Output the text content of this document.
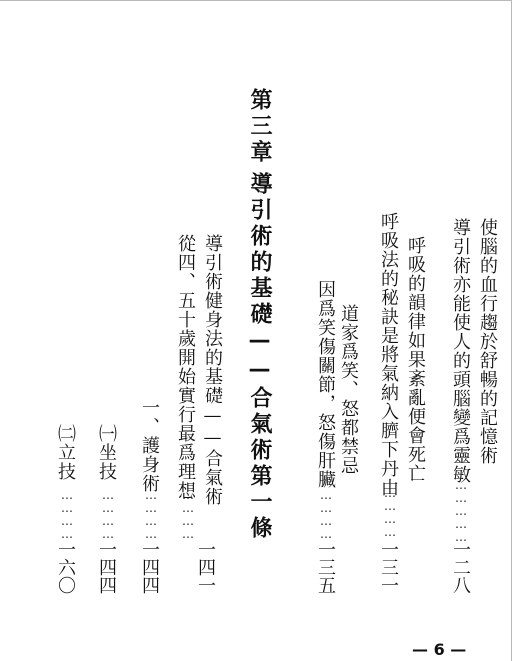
使腦的血行趨於舒暢的記憶術
導引術亦能使人的頭腦變爲靈敏
……………
一二八
呼吸的韻律如果紊亂便會死亡
呼吸法的秘訣是將氣納入臍下丹由
…………
一三一
道家爲笑、怒都禁忌
因爲笑傷關節，怒傷肝臟
…………
一三五
第三章
導引術的基礎——合氣術第一條
導引術健身法的基礎——合氣術
從四、五十歲開始實行最爲理想
…………
一四一
一、護身術
…………
一四四
㈠坐技
…………
一四四
㈡立技
…………
一六〇
— 6 —
